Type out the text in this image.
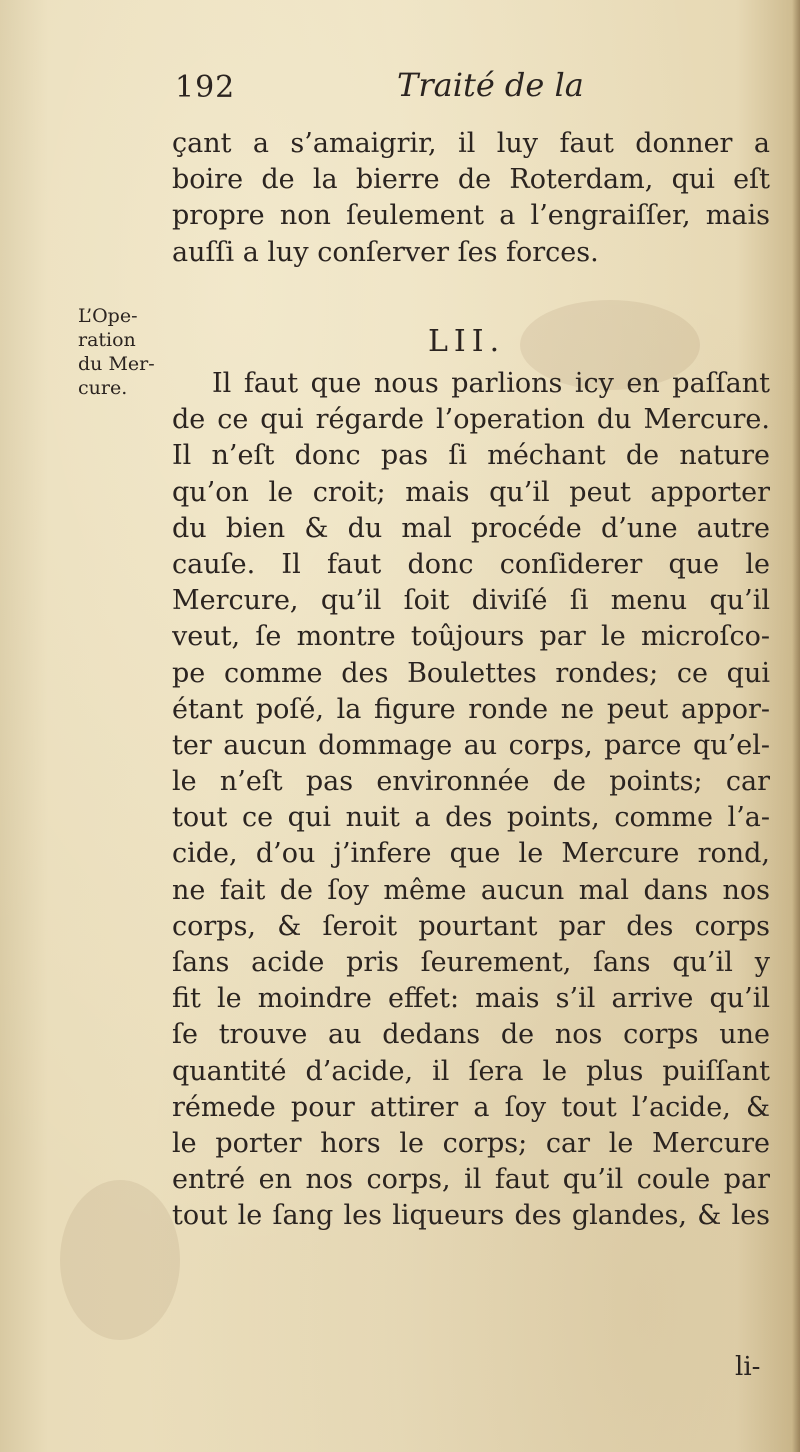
192	Traité de la
L’Ope-
ration
du Mer-
cure.
LII.
çant a s’amaigrir, il luy faut donner a
boire de la bierre de Roterdam, qui eſt
propre non ſeulement a l’engraiſſer, mais
auſſi a luy conſerver ſes forces.
Il faut que nous parlions icy en paſſant
de ce qui régarde l’operation du Mercure.
Il n’eſt donc pas ſi méchant de nature
qu’on le croit; mais qu’il peut apporter
du bien & du mal procéde d’une autre
cauſe. Il faut donc conſiderer que le
Mercure, qu’il ſoit diviſé ſi menu qu’il
veut, ſe montre toûjours par le microſco-
pe comme des Boulettes rondes; ce qui
étant poſé, la figure ronde ne peut appor-
ter aucun dommage au corps, parce qu’el-
le n’eſt pas environnée de points; car
tout ce qui nuit a des points, comme l’a-
cide, d’ou j’infere que le Mercure rond,
ne fait de ſoy même aucun mal dans nos
corps, & ſeroit pourtant par des corps
ſans acide pris ſeurement, ſans qu’il y
fit le moindre effet: mais s’il arrive qu’il
ſe trouve au dedans de nos corps une
quantité d’acide, il ſera le plus puiſſant
rémede pour attirer a ſoy tout l’acide, &
le porter hors le corps; car le Mercure
entré en nos corps, il faut qu’il coule par
tout le ſang les liqueurs des glandes, & les
li-
